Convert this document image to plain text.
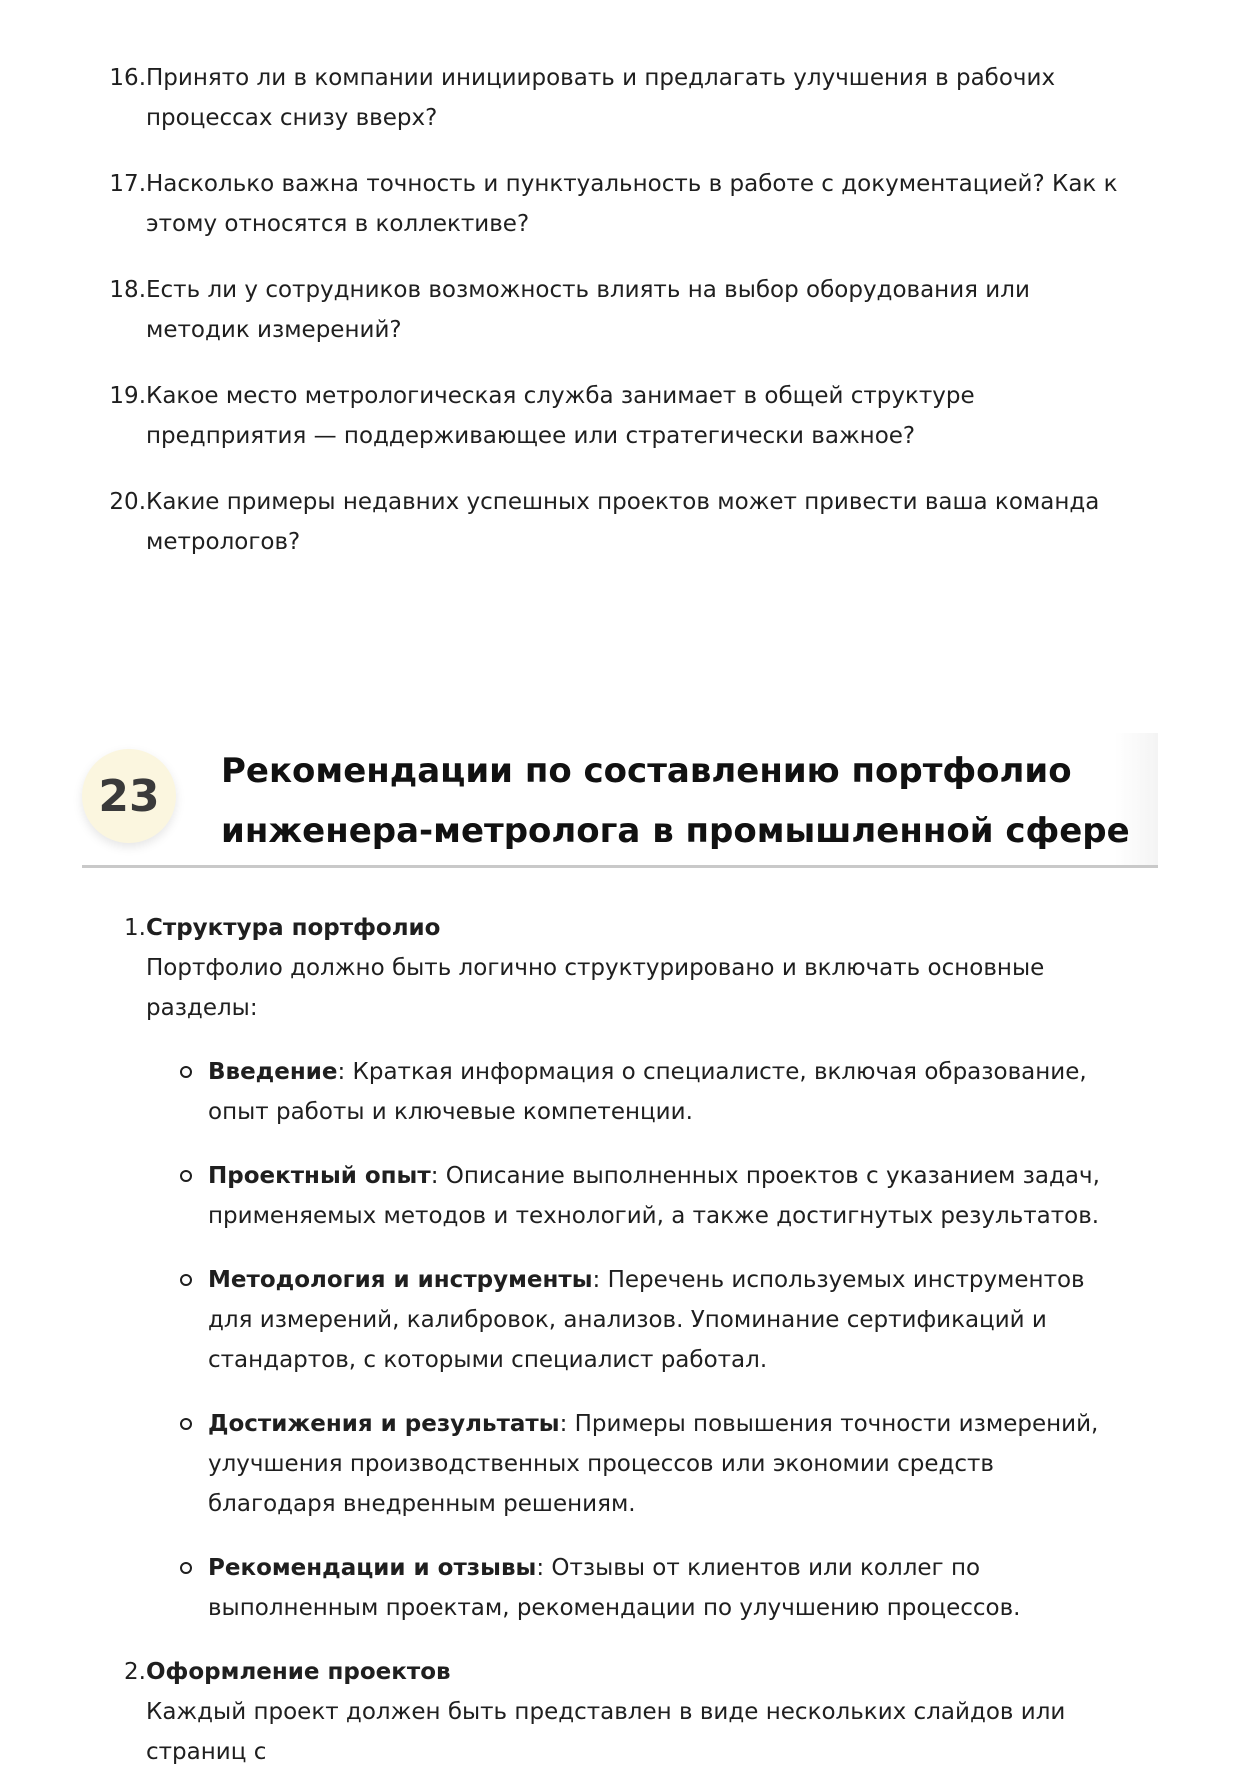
16. Принято ли в компании инициировать и предлагать улучшения в рабочих процессах снизу вверх?
17. Насколько важна точность и пунктуальность в работе с документацией? Как к этому относятся в коллективе?
18. Есть ли у сотрудников возможность влиять на выбор оборудования или методик измерений?
19. Какое место метрологическая служба занимает в общей структуре предприятия — поддерживающее или стратегически важное?
20. Какие примеры недавних успешных проектов может привести ваша команда метрологов?
23	Рекомендации по составлению портфолио инженера-метролога в промышленной сфере
1. Структура портфолио
Портфолио должно быть логично структурировано и включать основные разделы:
Введение: Краткая информация о специалисте, включая образование, опыт работы и ключевые компетенции.
Проектный опыт: Описание выполненных проектов с указанием задач, применяемых методов и технологий, а также достигнутых результатов.
Методология и инструменты: Перечень используемых инструментов для измерений, калибровок, анализов. Упоминание сертификаций и стандартов, с которыми специалист работал.
Достижения и результаты: Примеры повышения точности измерений, улучшения производственных процессов или экономии средств благодаря внедренным решениям.
Рекомендации и отзывы: Отзывы от клиентов или коллег по выполненным проектам, рекомендации по улучшению процессов.
2. Оформление проектов
Каждый проект должен быть представлен в виде нескольких слайдов или страниц с
